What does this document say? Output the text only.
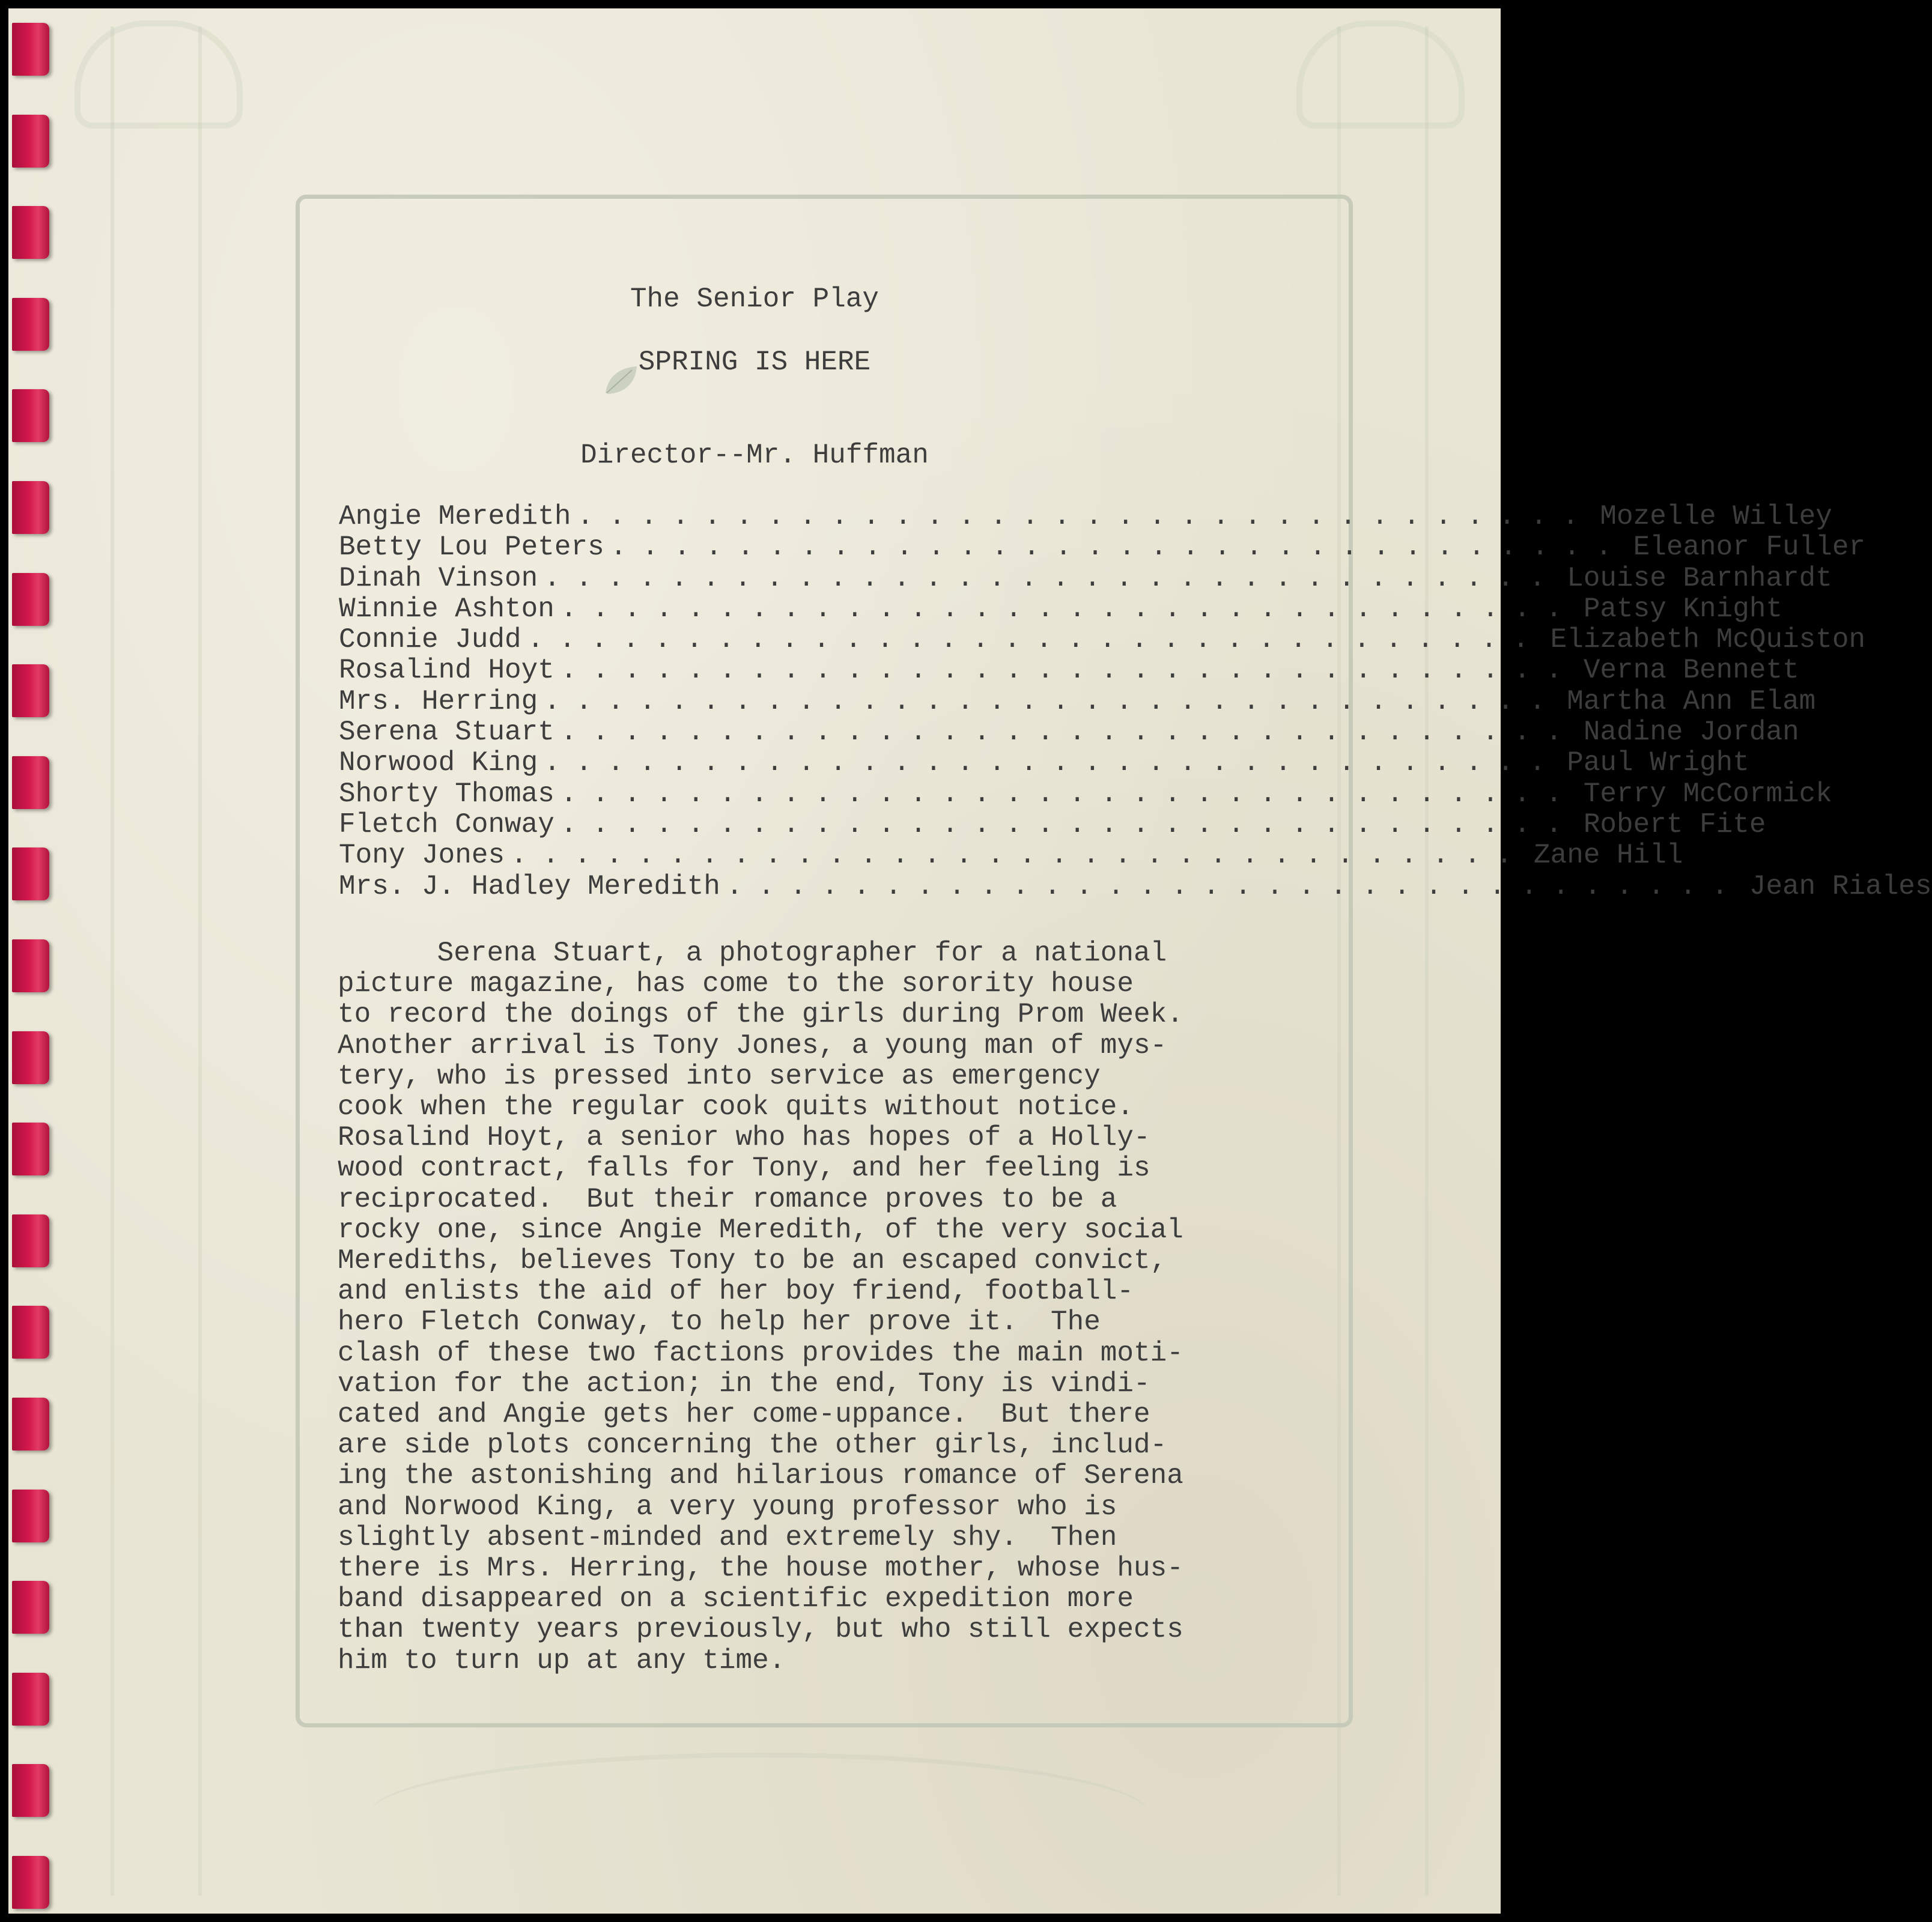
The Senior Play
SPRING IS HERE
Director--Mr. Huffman
Angie Meredith ................................ Mozelle Willey
Betty Lou Peters ................................ Eleanor Fuller
Dinah Vinson ................................ Louise Barnhardt
Winnie Ashton ................................ Patsy Knight
Connie Judd ................................ Elizabeth McQuiston
Rosalind Hoyt ................................ Verna Bennett
Mrs. Herring ................................ Martha Ann Elam
Serena Stuart ................................ Nadine Jordan
Norwood King ................................ Paul Wright
Shorty Thomas ................................ Terry McCormick
Fletch Conway ................................ Robert Fite
Tony Jones ................................ Zane Hill
Mrs. J. Hadley Meredith ................................ Jean Riales
Serena Stuart, a photographer for a national
picture magazine, has come to the sorority house
to record the doings of the girls during Prom Week.
Another arrival is Tony Jones, a young man of mys-
tery, who is pressed into service as emergency
cook when the regular cook quits without notice.
Rosalind Hoyt, a senior who has hopes of a Holly-
wood contract, falls for Tony, and her feeling is
reciprocated.  But their romance proves to be a
rocky one, since Angie Meredith, of the very social
Merediths, believes Tony to be an escaped convict,
and enlists the aid of her boy friend, football-
hero Fletch Conway, to help her prove it.  The
clash of these two factions provides the main moti-
vation for the action; in the end, Tony is vindi-
cated and Angie gets her come-uppance.  But there
are side plots concerning the other girls, includ-
ing the astonishing and hilarious romance of Serena
and Norwood King, a very young professor who is
slightly absent-minded and extremely shy.  Then
there is Mrs. Herring, the house mother, whose hus-
band disappeared on a scientific expedition more
than twenty years previously, but who still expects
him to turn up at any time.
